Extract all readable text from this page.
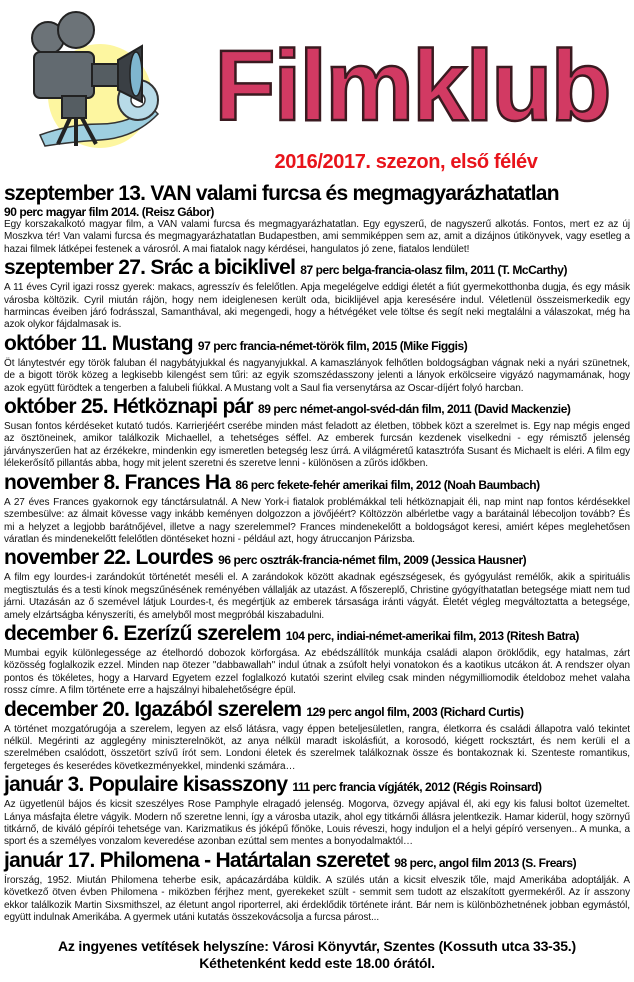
Filmklub
2016/2017. szezon, első félév
szeptember 13. VAN valami furcsa és megmagyarázhatatlan
90 perc magyar film 2014. (Reisz Gábor)
Egy korszakalkotó magyar film, a VAN valami furcsa és megmagyarázhatatlan. Egy egyszerű, de nagyszerű alkotás. Fontos, mert ez az új Moszkva tér! Van valami furcsa és megmagyarázhatatlan Budapestben, ami semmiképpen sem az, amit a dizájnos útikönyvek, vagy esetleg a hazai filmek látképei festenek a városról. A mai fiatalok nagy kérdései, hangulatos jó zene, fiatalos lendület!
szeptember 27. Srác a biciklivel 87 perc belga-francia-olasz film, 2011 (T. McCarthy)
A 11 éves Cyril igazi rossz gyerek: makacs, agresszív és felelőtlen. Apja megelégelve eddigi életét a fiút gyermekotthonba dugja, és egy másik városba költözik. Cyril miután rájön, hogy nem ideiglenesen került oda, biciklijével apja keresésére indul. Véletlenül összeismerkedik egy harmincas éveiben járó fodrásszal, Samanthával, aki megengedi, hogy a hétvégéket vele töltse és segít neki megtalálni a válaszokat, még ha azok olykor fájdalmasak is.
október 11. Mustang 97 perc francia-német-török film, 2015 (Mike Figgis)
Öt lánytestvér egy török faluban él nagybátyjukkal és nagyanyjukkal. A kamaszlányok felhőtlen boldogságban vágnak neki a nyári szünetnek, de a bigott török közeg a legkisebb kilengést sem tűri: az egyik szomszédasszony jelenti a lányok erkölcseire vigyázó nagymamának, hogy azok együtt fürödtek a tengerben a falubeli fiúkkal. A Mustang volt a Saul fia versenytársa az Oscar-díjért folyó harcban.
október 25. Hétköznapi pár 89 perc német-angol-svéd-dán film, 2011 (David Mackenzie)
Susan fontos kérdéseket kutató tudós. Karrierjéért cserébe minden mást feladott az életben, többek közt a szerelmet is. Egy nap mégis enged az ösztöneinek, amikor találkozik Michaellel, a tehetséges séffel. Az emberek furcsán kezdenek viselkedni - egy rémisztő jelenség járványszerűen hat az érzékekre, mindenkin egy ismeretlen betegség lesz úrrá. A világméretű katasztrófa Susant és Michaelt is eléri. A film egy lélekerősítő pillantás abba, hogy mit jelent szeretni és szeretve lenni - különösen a zűrös időkben.
november 8. Frances Ha 86 perc fekete-fehér amerikai film, 2012 (Noah Baumbach)
A 27 éves Frances gyakornok egy tánctársulatnál. A New York-i fiatalok problémákkal teli hétköznapjait éli, nap mint nap fontos kérdésekkel szembesülve: az álmait kövesse vagy inkább keményen dolgozzon a jövőjéért? Költözzön albérletbe vagy a barátainál lébecoljon tovább? És mi a helyzet a legjobb barátnőjével, illetve a nagy szerelemmel? Frances mindenekelőtt a boldogságot keresi, amiért képes meglehetősen váratlan és mindenekelőtt felelőtlen döntéseket hozni - például azt, hogy átruccanjon Párizsba.
november 22. Lourdes 96 perc osztrák-francia-német film, 2009 (Jessica Hausner)
A film egy lourdes-i zarándokút történetét meséli el. A zarándokok között akadnak egészségesek, és gyógyulást remélők, akik a spirituális megtisztulás és a testi kínok megszűnésének reményében vállalják az utazást. A főszereplő, Christine gyógyíthatatlan betegsége miatt nem tud járni. Utazásán az ő szemével látjuk Lourdes-t, és megértjük az emberek társasága iránti vágyát. Életét végleg megváltoztatta a betegsége, amely elzártságba kényszeríti, és amelyből most megpróbál kiszabadulni.
december 6. Ezerízű szerelem 104 perc, indiai-német-amerikai film, 2013 (Ritesh Batra)
Mumbai egyik különlegessége az ételhordó dobozok körforgása. Az ebédszállítók munkája családi alapon öröklődik, egy hatalmas, zárt közösség foglalkozik ezzel. Minden nap ötezer "dabbawallah" indul útnak a zsúfolt helyi vonatokon és a kaotikus utcákon át. A rendszer olyan pontos és tökéletes, hogy a Harvard Egyetem ezzel foglalkozó kutatói szerint elvileg csak minden négymilliomodik ételdoboz mehet valaha rossz címre. A film története erre a hajszálnyi hibalehetőségre épül.
december 20. Igazából szerelem 129 perc angol film, 2003 (Richard Curtis)
A történet mozgatórugója a szerelem, legyen az első látásra, vagy éppen beteljesületlen, rangra, életkorra és családi állapotra való tekintet nélkül. Megérinti az agglegény miniszterelnököt, az anya nélkül maradt iskolásfiút, a korosodó, kiégett rocksztárt, és nem kerüli el a szerelmében csalódott, összetört szívű írót sem. Londoni életek és szerelmek találkoznak össze és bontakoznak ki. Szenteste romantikus, fergeteges és keserédes következményekkel, mindenki számára…
január 3. Populaire kisasszony 111 perc francia vígjáték, 2012 (Régis Roinsard)
Az ügyetlenül bájos és kicsit szeszélyes Rose Pamphyle elragadó jelenség. Mogorva, özvegy apjával él, aki egy kis falusi boltot üzemeltet. Lánya másfajta életre vágyik. Modern nő szeretne lenni, így a városba utazik, ahol egy titkárnői állásra jelentkezik. Hamar kiderül, hogy szörnyű titkárnő, de kiváló gépírói tehetsége van. Karizmatikus és jóképű főnöke, Louis réveszi, hogy induljon el a helyi gépíró versenyen.. A munka, a sport és a személyes vonzalom keveredése azonban ezúttal sem mentes a bonyodalmaktól…
január 17. Philomena - Határtalan szeretet 98 perc, angol film 2013 (S. Frears)
Írország, 1952. Miután Philomena teherbe esik, apácazárdába küldik. A szülés után a kicsit elveszik tőle, majd Amerikába adoptálják. A következő ötven évben Philomena - miközben férjhez ment, gyerekeket szült - semmit sem tudott az elszakított gyermekéről. Az ír asszony ekkor találkozik Martin Sixsmithszel, az életunt angol riporterrel, aki érdeklődik története iránt. Bár nem is különbözhetnének jobban egymástól, együtt indulnak Amerikába. A gyermek utáni kutatás összekovácsolja a furcsa párost...
Az ingyenes vetítések helyszíne: Városi Könyvtár, Szentes (Kossuth utca 33-35.)
Kéthetenként kedd este 18.00 órától.
